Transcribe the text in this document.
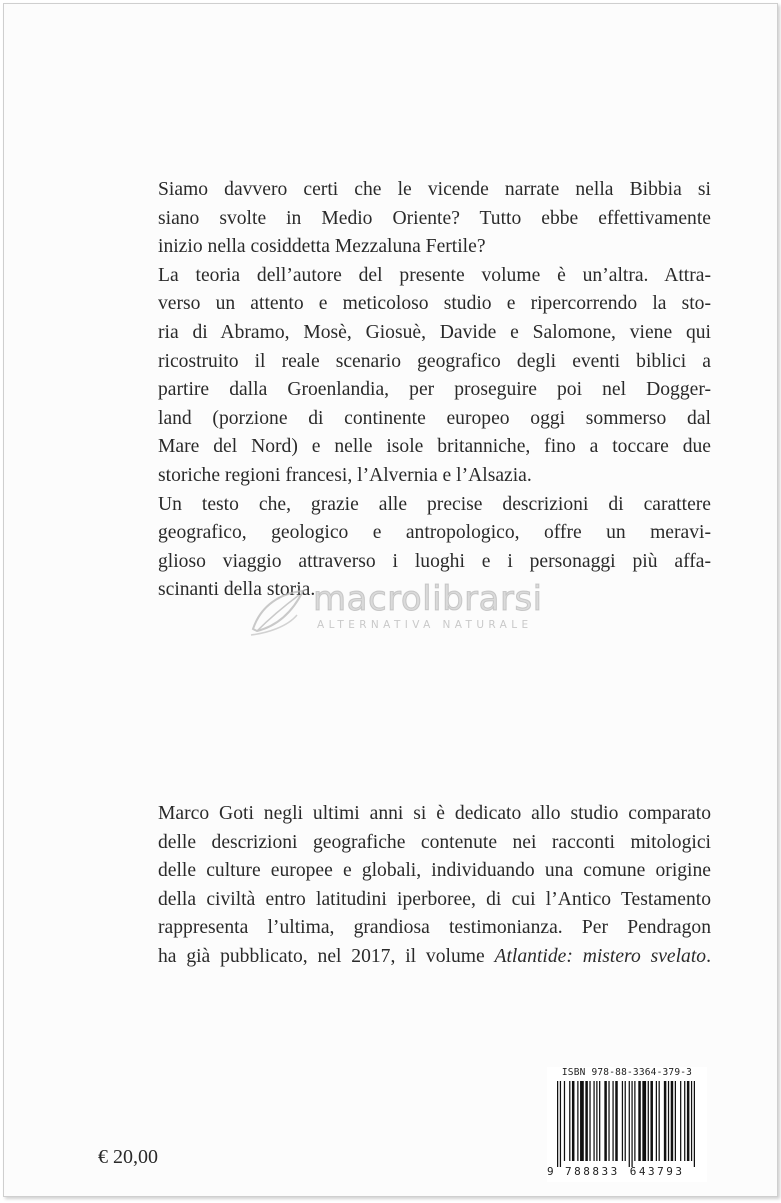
Siamo davvero certi che le vicende narrate nella Bibbia si
siano svolte in Medio Oriente? Tutto ebbe effettivamente
inizio nella cosiddetta Mezzaluna Fertile?
La teoria dell’autore del presente volume è un’altra. Attra-
verso un attento e meticoloso studio e ripercorrendo la sto-
ria di Abramo, Mosè, Giosuè, Davide e Salomone, viene qui
ricostruito il reale scenario geografico degli eventi biblici a
partire dalla Groenlandia, per proseguire poi nel Dogger-
land (porzione di continente europeo oggi sommerso dal
Mare del Nord) e nelle isole britanniche, fino a toccare due
storiche regioni francesi, l’Alvernia e l’Alsazia.
Un testo che, grazie alle precise descrizioni di carattere
geografico, geologico e antropologico, offre un meravi-
glioso viaggio attraverso i luoghi e i personaggi più affa-
scinanti della storia.
macrolibrarsi
ALTERNATIVA NATURALE
Marco Goti negli ultimi anni si è dedicato allo studio comparato
delle descrizioni geografiche contenute nei racconti mitologici
delle culture europee e globali, individuando una comune origine
della civiltà entro latitudini iperboree, di cui l’Antico Testamento
rappresenta l’ultima, grandiosa testimonianza. Per Pendragon
ha già pubblicato, nel 2017, il volume Atlantide: mistero svelato.
€ 20,00
ISBN 978-88-3364-379-3
9 788833 643793
